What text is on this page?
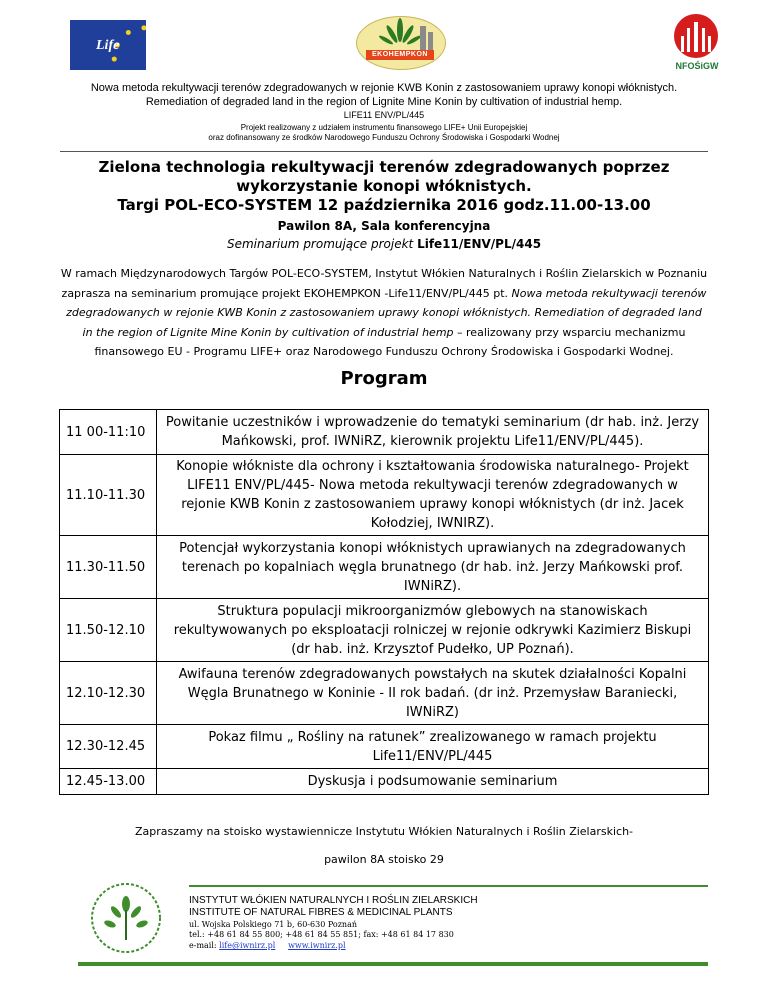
Life
EKOHEMPKON
NFOŚiGW
Nowa metoda rekultywacji terenów zdegradowanych w rejonie KWB Konin z zastosowaniem uprawy konopi włóknistych.
Remediation of degraded land in the region of Lignite Mine Konin by cultivation of industrial hemp.
LIFE11 ENV/PL/445
Projekt realizowany z udziałem instrumentu finansowego LIFE+ Unii Europejskiej
oraz dofinansowany ze środków Narodowego Funduszu Ochrony Środowiska i Gospodarki Wodnej
Zielona technologia rekultywacji terenów zdegradowanych poprzez
wykorzystanie konopi włóknistych.
Targi POL-ECO-SYSTEM 12 października 2016 godz.11.00-13.00
Pawilon 8A, Sala konferencyjna
Seminarium promujące projekt Life11/ENV/PL/445
W ramach Międzynarodowych Targów POL-ECO-SYSTEM, Instytut Włókien Naturalnych i Roślin Zielarskich w Poznaniu zaprasza na seminarium promujące projekt EKOHEMPKON -Life11/ENV/PL/445 pt. Nowa metoda rekultywacji terenów zdegradowanych w rejonie KWB Konin z zastosowaniem uprawy konopi włóknistych. Remediation of degraded land in the region of Lignite Mine Konin by cultivation of industrial hemp – realizowany przy wsparciu mechanizmu finansowego EU - Programu LIFE+ oraz Narodowego Funduszu Ochrony Środowiska i Gospodarki Wodnej.
Program
11 00-11:10	Powitanie uczestników i wprowadzenie do tematyki seminarium (dr hab. inż. Jerzy Mańkowski, prof. IWNiRZ, kierownik projektu Life11/ENV/PL/445).
11.10-11.30	Konopie włókniste dla ochrony i kształtowania środowiska naturalnego- Projekt LIFE11 ENV/PL/445- Nowa metoda rekultywacji terenów zdegradowanych w rejonie KWB Konin z zastosowaniem uprawy konopi włóknistych (dr inż. Jacek Kołodziej, IWNIRZ).
11.30-11.50	Potencjał wykorzystania konopi włóknistych uprawianych na zdegradowanych terenach po kopalniach węgla brunatnego (dr hab. inż. Jerzy Mańkowski prof. IWNiRZ).
11.50-12.10	Struktura populacji mikroorganizmów glebowych na stanowiskach rekultywowanych po eksploatacji rolniczej w rejonie odkrywki Kazimierz Biskupi (dr hab. inż. Krzysztof Pudełko, UP Poznań).
12.10-12.30	Awifauna terenów zdegradowanych powstałych na skutek działalności Kopalni Węgla Brunatnego w Koninie - II rok badań. (dr inż. Przemysław Baraniecki, IWNiRZ)
12.30-12.45	Pokaz filmu „ Rośliny na ratunek” zrealizowanego w ramach projektu Life11/ENV/PL/445
12.45-13.00	Dyskusja i podsumowanie seminarium
Zapraszamy na stoisko wystawiennicze Instytutu Włókien Naturalnych i Roślin Zielarskich-
pawilon 8A stoisko 29
INSTYTUT WŁÓKIEN NATURALNYCH I ROŚLIN ZIELARSKICH
INSTITUTE OF NATURAL FIBRES & MEDICINAL PLANTS
ul. Wojska Polskiego 71 b, 60-630 Poznań
tel.: +48 61 84 55 800; +48 61 84 55 851; fax: +48 61 84 17 830
e-mail: life@iwnirz.pl www.iwnirz.pl
